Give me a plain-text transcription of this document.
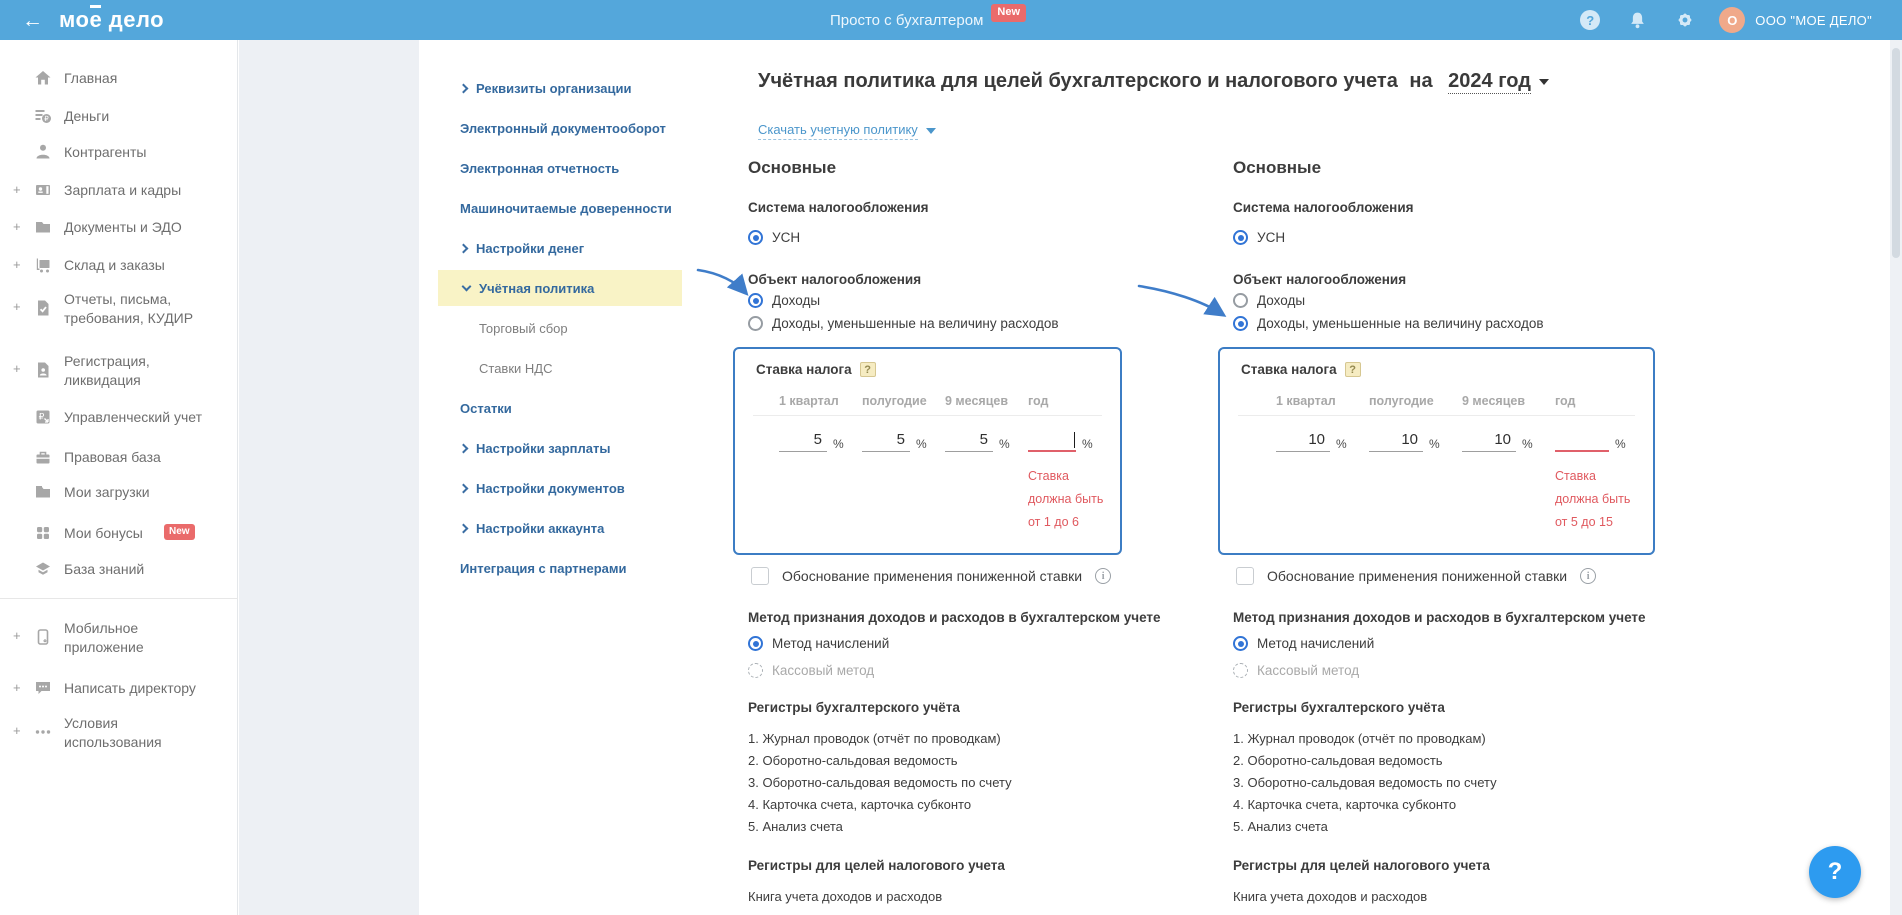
← мое дело	Просто с бухгалтером	New
?	O	ООО "МОЕ ДЕЛО"
Главная
₽ Деньги
Контрагенты
+	Зарплата и кадры
+	Документы и ЭДО
+	Склад и заказы
+	Отчеты, письма, требования, КУДИР
+	Регистрация, ликвидация
₽ Управленческий учет
Правовая база
Мои загрузки
Мои бонусы	New
База знаний
+	Мобильное приложение
+	Написать директору
+	Условия использования
Реквизиты организации
Электронный документооборот
Электронная отчетность
Машиночитаемые доверенности
Настройки денег
Учётная политика
Торговый сбор
Ставки НДС
Остатки
Настройки зарплаты
Настройки документов
Настройки аккаунта
Интеграция с партнерами
Учётная политика для целей бухгалтерского и налогового учета на 2024 год
Скачать учетную политику
Основные
Система налогообложения
УСН
Объект налогообложения
Доходы
Доходы, уменьшенные на величину расходов
Ставка налога	?
1 квартал	полугодие	9 месяцев	год
5 %	5 %	5 %	%
Ставка должна быть от 1 до 6
Обоснование применения пониженной ставки	i
Метод признания доходов и расходов в бухгалтерском учете
Метод начислений
Кассовый метод
Регистры бухгалтерского учёта
1. Журнал проводок (отчёт по проводкам)
2. Оборотно-сальдовая ведомость
3. Оборотно-сальдовая ведомость по счету
4. Карточка счета, карточка субконто
5. Анализ счета
Регистры для целей налогового учета
Книга учета доходов и расходов
Основные
Система налогообложения
УСН
Объект налогообложения
Доходы
Доходы, уменьшенные на величину расходов
Ставка налога	?
1 квартал	полугодие	9 месяцев	год
10 %	10 %	10 %	%
Ставка должна быть от 5 до 15
Обоснование применения пониженной ставки	i
Метод признания доходов и расходов в бухгалтерском учете
Метод начислений
Кассовый метод
Регистры бухгалтерского учёта
1. Журнал проводок (отчёт по проводкам)
2. Оборотно-сальдовая ведомость
3. Оборотно-сальдовая ведомость по счету
4. Карточка счета, карточка субконто
5. Анализ счета
Регистры для целей налогового учета
Книга учета доходов и расходов
?
